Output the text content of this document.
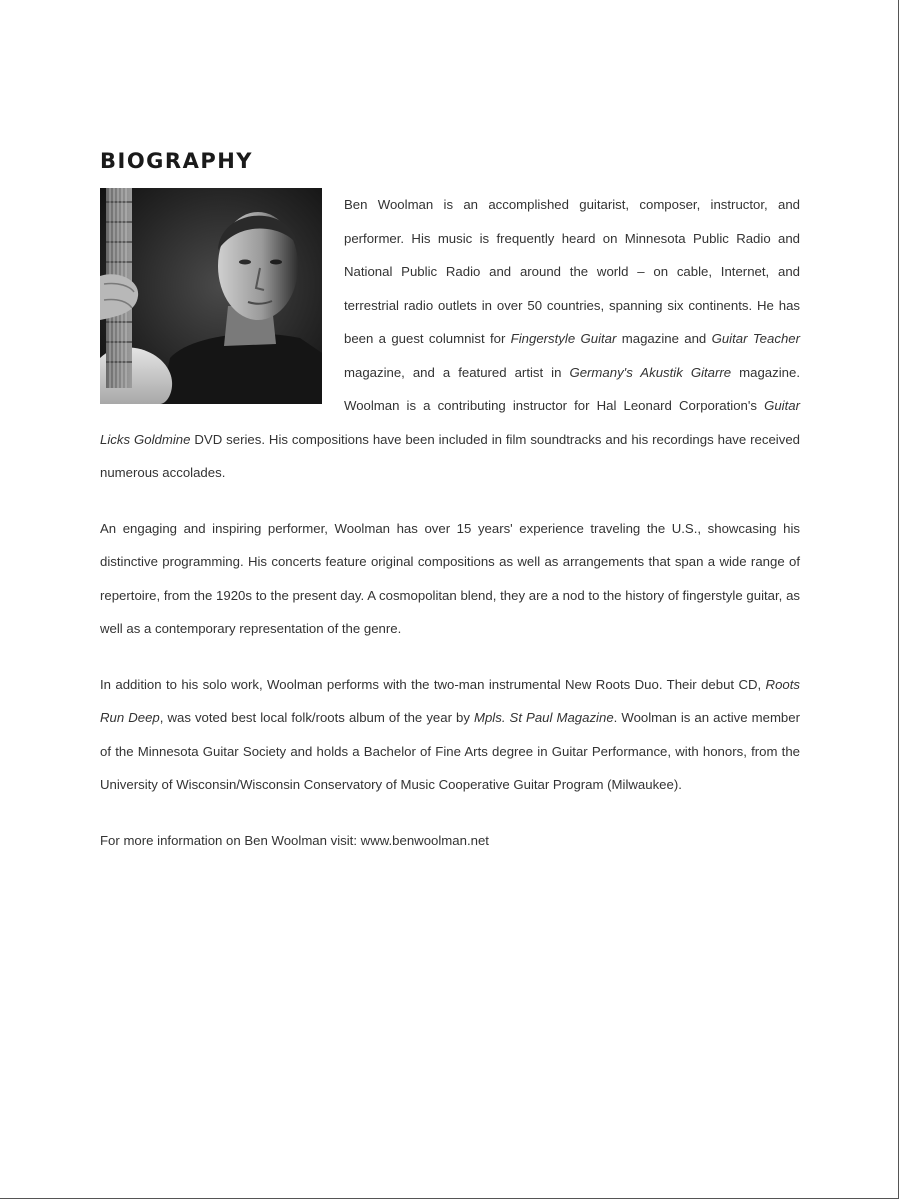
BIOGRAPHY

Ben Woolman is an accomplished guitarist, composer, instructor, and performer. His music is frequently heard on Minnesota Public Radio and National Public Radio and around the world – on cable, Internet, and terrestrial radio outlets in over 50 countries, spanning six continents. He has been a guest columnist for Fingerstyle Guitar magazine and Guitar Teacher magazine, and a featured artist in Germany's Akustik Gitarre magazine. Woolman is a contributing instructor for Hal Leonard Corporation's Guitar Licks Goldmine DVD series. His compositions have been included in film soundtracks and his recordings have received numerous accolades.

An engaging and inspiring performer, Woolman has over 15 years' experience traveling the U.S., showcasing his distinctive programming. His concerts feature original compositions as well as arrangements that span a wide range of repertoire, from the 1920s to the present day. A cosmopolitan blend, they are a nod to the history of fingerstyle guitar, as well as a contemporary representation of the genre.

In addition to his solo work, Woolman performs with the two-man instrumental New Roots Duo. Their debut CD, Roots Run Deep, was voted best local folk/roots album of the year by Mpls. St Paul Magazine. Woolman is an active member of the Minnesota Guitar Society and holds a Bachelor of Fine Arts degree in Guitar Performance, with honors, from the University of Wisconsin/Wisconsin Conservatory of Music Cooperative Guitar Program (Milwaukee).

For more information on Ben Woolman visit: www.benwoolman.net
